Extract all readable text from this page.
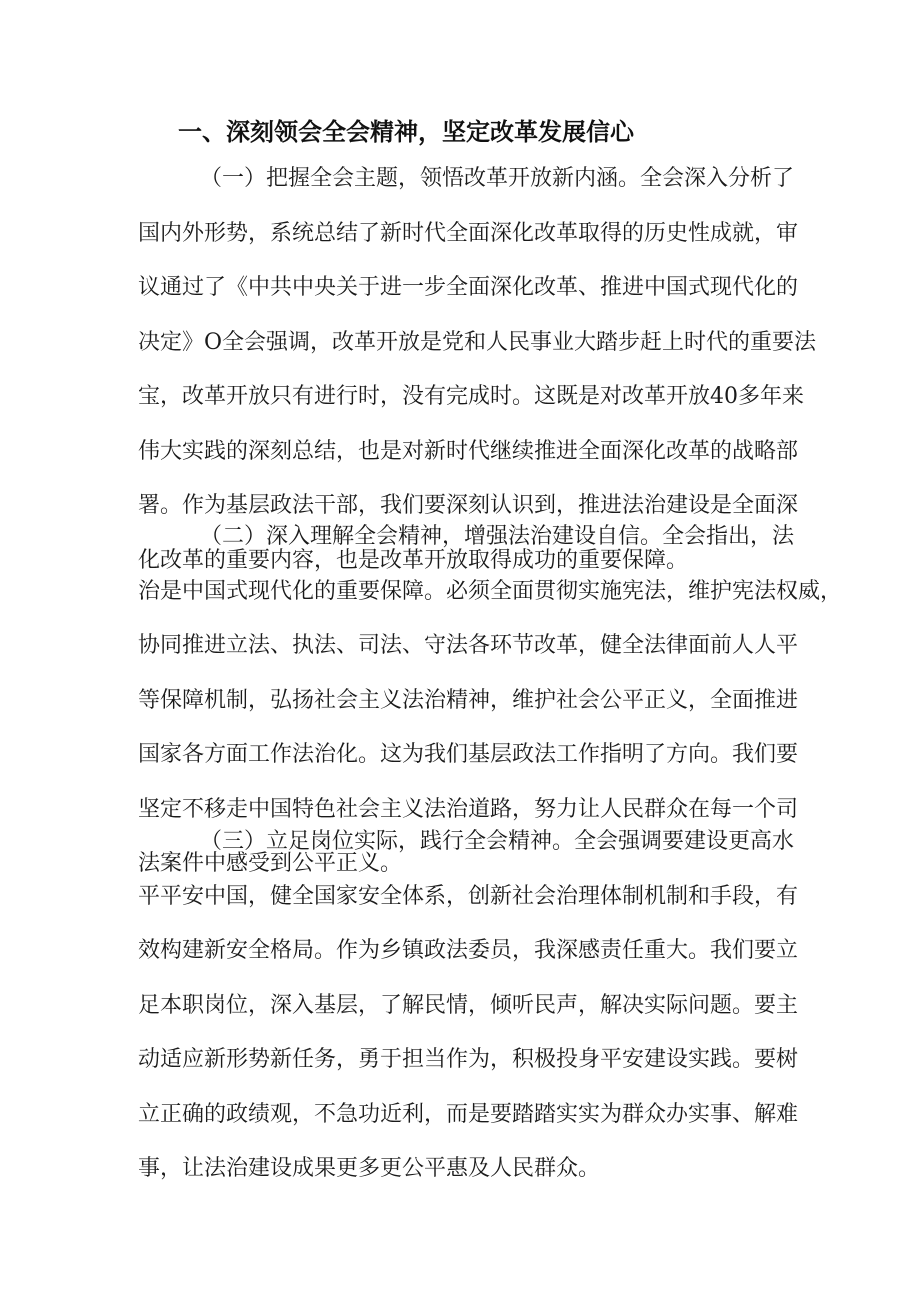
一、深刻领会全会精神，坚定改革发展信心
（一）把握全会主题，领悟改革开放新内涵。全会深入分析了
国内外形势，系统总结了新时代全面深化改革取得的历史性成就，审
议通过了《中共中央关于进一步全面深化改革、推进中国式现代化的
决定》O全会强调，改革开放是党和人民事业大踏步赶上时代的重要法
宝，改革开放只有进行时，没有完成时。这既是对改革开放40多年来
伟大实践的深刻总结，也是对新时代继续推进全面深化改革的战略部
署。作为基层政法干部，我们要深刻认识到，推进法治建设是全面深
化改革的重要内容，也是改革开放取得成功的重要保障。
（二）深入理解全会精神，增强法治建设自信。全会指出，法
治是中国式现代化的重要保障。必须全面贯彻实施宪法，维护宪法权威，
协同推进立法、执法、司法、守法各环节改革，健全法律面前人人平
等保障机制，弘扬社会主义法治精神，维护社会公平正义，全面推进
国家各方面工作法治化。这为我们基层政法工作指明了方向。我们要
坚定不移走中国特色社会主义法治道路，努力让人民群众在每一个司
法案件中感受到公平正义。
（三）立足岗位实际，践行全会精神。全会强调要建设更高水
平平安中国，健全国家安全体系，创新社会治理体制机制和手段，有
效构建新安全格局。作为乡镇政法委员，我深感责任重大。我们要立
足本职岗位，深入基层，了解民情，倾听民声，解决实际问题。要主
动适应新形势新任务，勇于担当作为，积极投身平安建设实践。要树
立正确的政绩观，不急功近利，而是要踏踏实实为群众办实事、解难
事，让法治建设成果更多更公平惠及人民群众。
